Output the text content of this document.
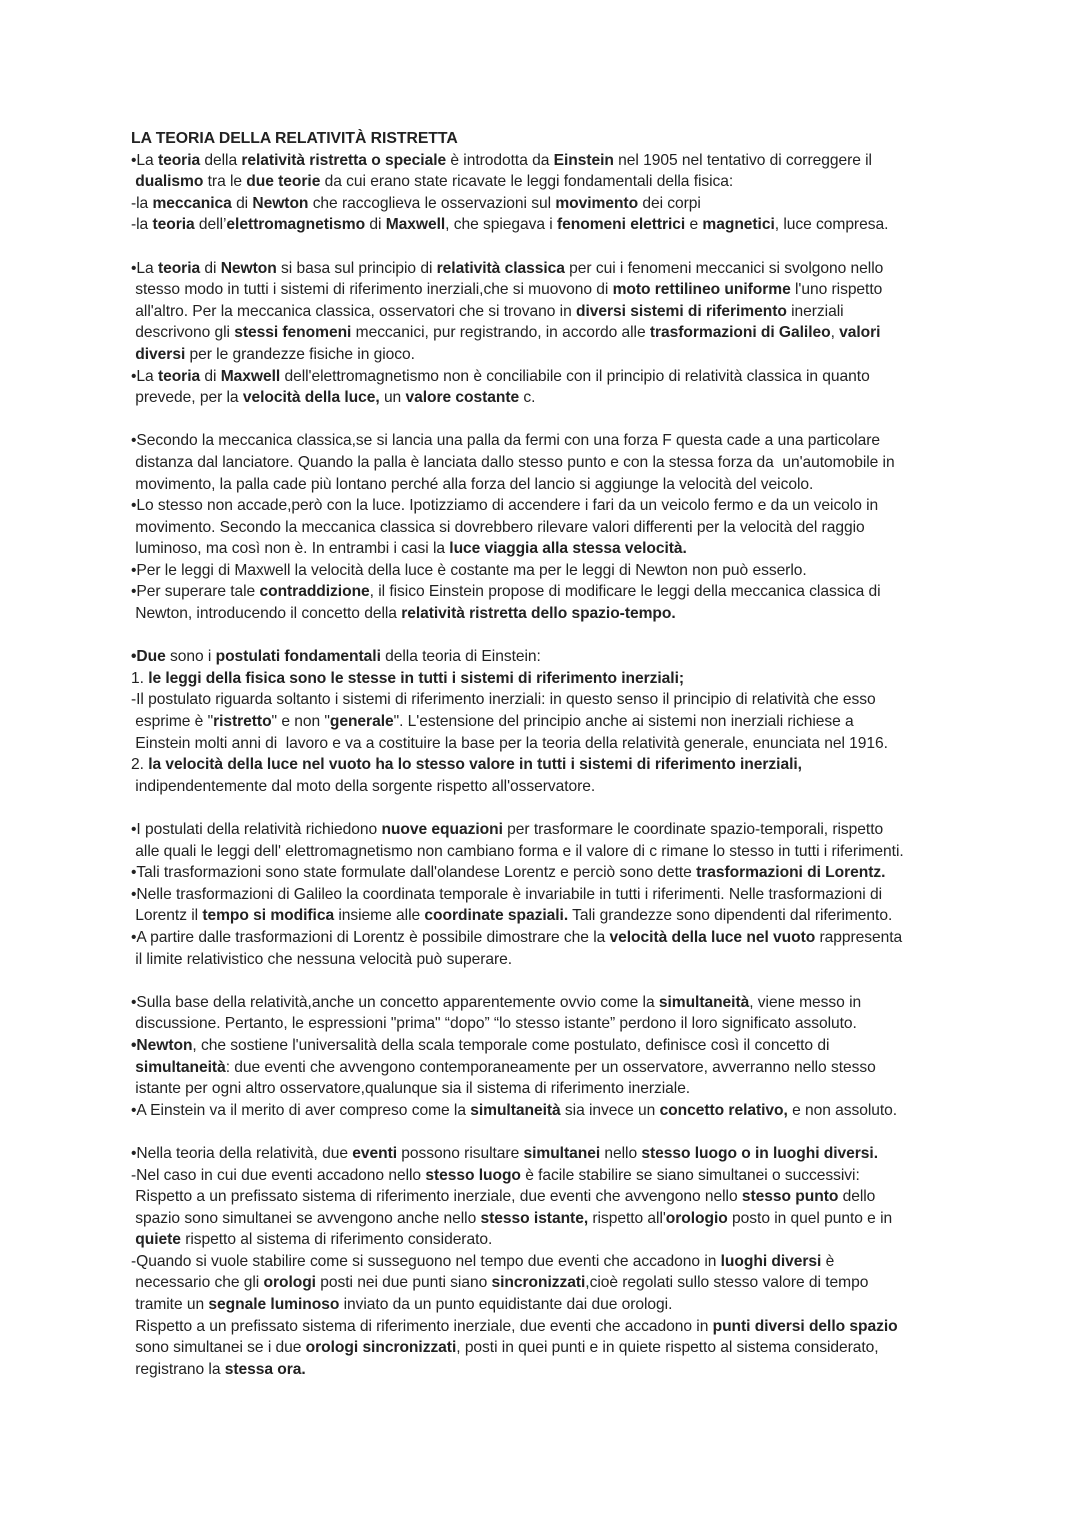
LA TEORIA DELLA RELATIVITÀ RISTRETTA
•La teoria della relatività ristretta o speciale è introdotta da Einstein nel 1905 nel tentativo di correggere il
dualismo tra le due teorie da cui erano state ricavate le leggi fondamentali della fisica:
-la meccanica di Newton che raccoglieva le osservazioni sul movimento dei corpi
-la teoria dell’elettromagnetismo di Maxwell, che spiegava i fenomeni elettrici e magnetici, luce compresa.
•La teoria di Newton si basa sul principio di relatività classica per cui i fenomeni meccanici si svolgono nello
stesso modo in tutti i sistemi di riferimento inerziali,che si muovono di moto rettilineo uniforme l'uno rispetto
all'altro. Per la meccanica classica, osservatori che si trovano in diversi sistemi di riferimento inerziali
descrivono gli stessi fenomeni meccanici, pur registrando, in accordo alle trasformazioni di Galileo, valori
diversi per le grandezze fisiche in gioco.
•La teoria di Maxwell dell'elettromagnetismo non è conciliabile con il principio di relatività classica in quanto
prevede, per la velocità della luce, un valore costante c.
•Secondo la meccanica classica,se si lancia una palla da fermi con una forza F questa cade a una particolare
distanza dal lanciatore. Quando la palla è lanciata dallo stesso punto e con la stessa forza da  un'automobile in
movimento, la palla cade più lontano perché alla forza del lancio si aggiunge la velocità del veicolo.
•Lo stesso non accade,però con la luce. Ipotizziamo di accendere i fari da un veicolo fermo e da un veicolo in
movimento. Secondo la meccanica classica si dovrebbero rilevare valori differenti per la velocità del raggio
luminoso, ma così non è. In entrambi i casi la luce viaggia alla stessa velocità.
•Per le leggi di Maxwell la velocità della luce è costante ma per le leggi di Newton non può esserlo.
•Per superare tale contraddizione, il fisico Einstein propose di modificare le leggi della meccanica classica di
Newton, introducendo il concetto della relatività ristretta dello spazio-tempo.
•Due sono i postulati fondamentali della teoria di Einstein:
1. le leggi della fisica sono le stesse in tutti i sistemi di riferimento inerziali;
-Il postulato riguarda soltanto i sistemi di riferimento inerziali: in questo senso il principio di relatività che esso
esprime è "ristretto" e non "generale". L'estensione del principio anche ai sistemi non inerziali richiese a
Einstein molti anni di  lavoro e va a costituire la base per la teoria della relatività generale, enunciata nel 1916.
2. la velocità della luce nel vuoto ha lo stesso valore in tutti i sistemi di riferimento inerziali,
indipendentemente dal moto della sorgente rispetto all'osservatore.
•I postulati della relatività richiedono nuove equazioni per trasformare le coordinate spazio-temporali, rispetto
alle quali le leggi dell' elettromagnetismo non cambiano forma e il valore di c rimane lo stesso in tutti i riferimenti.
•Tali trasformazioni sono state formulate dall'olandese Lorentz e perciò sono dette trasformazioni di Lorentz.
•Nelle trasformazioni di Galileo la coordinata temporale è invariabile in tutti i riferimenti. Nelle trasformazioni di
Lorentz il tempo si modifica insieme alle coordinate spaziali. Tali grandezze sono dipendenti dal riferimento.
•A partire dalle trasformazioni di Lorentz è possibile dimostrare che la velocità della luce nel vuoto rappresenta
il limite relativistico che nessuna velocità può superare.
•Sulla base della relatività,anche un concetto apparentemente ovvio come la simultaneità, viene messo in
discussione. Pertanto, le espressioni "prima" “dopo” “lo stesso istante” perdono il loro significato assoluto.
•Newton, che sostiene l'universalità della scala temporale come postulato, definisce così il concetto di
simultaneità: due eventi che avvengono contemporaneamente per un osservatore, avverranno nello stesso
istante per ogni altro osservatore,qualunque sia il sistema di riferimento inerziale.
•A Einstein va il merito di aver compreso come la simultaneità sia invece un concetto relativo, e non assoluto.
•Nella teoria della relatività, due eventi possono risultare simultanei nello stesso luogo o in luoghi diversi.
-Nel caso in cui due eventi accadono nello stesso luogo è facile stabilire se siano simultanei o successivi:
Rispetto a un prefissato sistema di riferimento inerziale, due eventi che avvengono nello stesso punto dello
spazio sono simultanei se avvengono anche nello stesso istante, rispetto all'orologio posto in quel punto e in
quiete rispetto al sistema di riferimento considerato.
-Quando si vuole stabilire come si susseguono nel tempo due eventi che accadono in luoghi diversi è
necessario che gli orologi posti nei due punti siano sincronizzati,cioè regolati sullo stesso valore di tempo
tramite un segnale luminoso inviato da un punto equidistante dai due orologi.
Rispetto a un prefissato sistema di riferimento inerziale, due eventi che accadono in punti diversi dello spazio
sono simultanei se i due orologi sincronizzati, posti in quei punti e in quiete rispetto al sistema considerato,
registrano la stessa ora.
